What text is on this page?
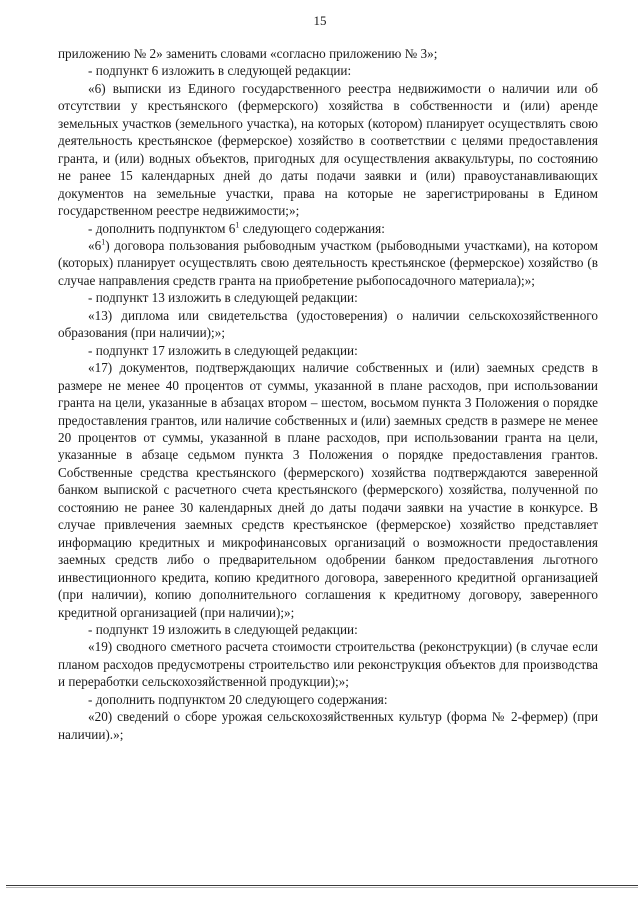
15

приложению № 2» заменить словами «согласно приложению № 3»;

- подпункт 6 изложить в следующей редакции:

«6) выписки из Единого государственного реестра недвижимости о наличии или об отсутствии у крестьянского (фермерского) хозяйства в собственности и (или) аренде земельных участков (земельного участка), на которых (котором) планирует осуществлять свою деятельность крестьянское (фермерское) хозяйство в соответствии с целями предоставления гранта, и (или) водных объектов, пригодных для осуществления аквакультуры, по состоянию не ранее 15 календарных дней до даты подачи заявки и (или) правоустанавливающих документов на земельные участки, права на которые не зарегистрированы в Едином государственном реестре недвижимости;»;

- дополнить подпунктом $6^1$ следующего содержания:

«$6^1$) договора пользования рыбоводным участком (рыбоводными участками), на котором (которых) планирует осуществлять свою деятельность крестьянское (фермерское) хозяйство (в случае направления средств гранта на приобретение рыбопосадочного материала);»;

- подпункт 13 изложить в следующей редакции:

«13) диплома или свидетельства (удостоверения) о наличии сельскохозяйственного образования (при наличии);»;

- подпункт 17 изложить в следующей редакции:

«17) документов, подтверждающих наличие собственных и (или) заемных средств в размере не менее 40 процентов от суммы, указанной в плане расходов, при использовании гранта на цели, указанные в абзацах втором – шестом, восьмом пункта 3 Положения о порядке предоставления грантов, или наличие собственных и (или) заемных средств в размере не менее 20 процентов от суммы, указанной в плане расходов, при использовании гранта на цели, указанные в абзаце седьмом пункта 3 Положения о порядке предоставления грантов. Собственные средства крестьянского (фермерского) хозяйства подтверждаются заверенной банком выпиской с расчетного счета крестьянского (фермерского) хозяйства, полученной по состоянию не ранее 30 календарных дней до даты подачи заявки на участие в конкурсе. В случае привлечения заемных средств крестьянское (фермерское) хозяйство представляет информацию кредитных и микрофинансовых организаций о возможности предоставления заемных средств либо о предварительном одобрении банком предоставления льготного инвестиционного кредита, копию кредитного договора, заверенного кредитной организацией (при наличии), копию дополнительного соглашения к кредитному договору, заверенного кредитной организацией (при наличии);»;

- подпункт 19 изложить в следующей редакции:

«19) сводного сметного расчета стоимости строительства (реконструкции) (в случае если планом расходов предусмотрены строительство или реконструкция объектов для производства и переработки сельскохозяйственной продукции);»;

- дополнить подпунктом 20 следующего содержания:

«20) сведений о сборе урожая сельскохозяйственных культур (форма № 2-фермер) (при наличии).»;
